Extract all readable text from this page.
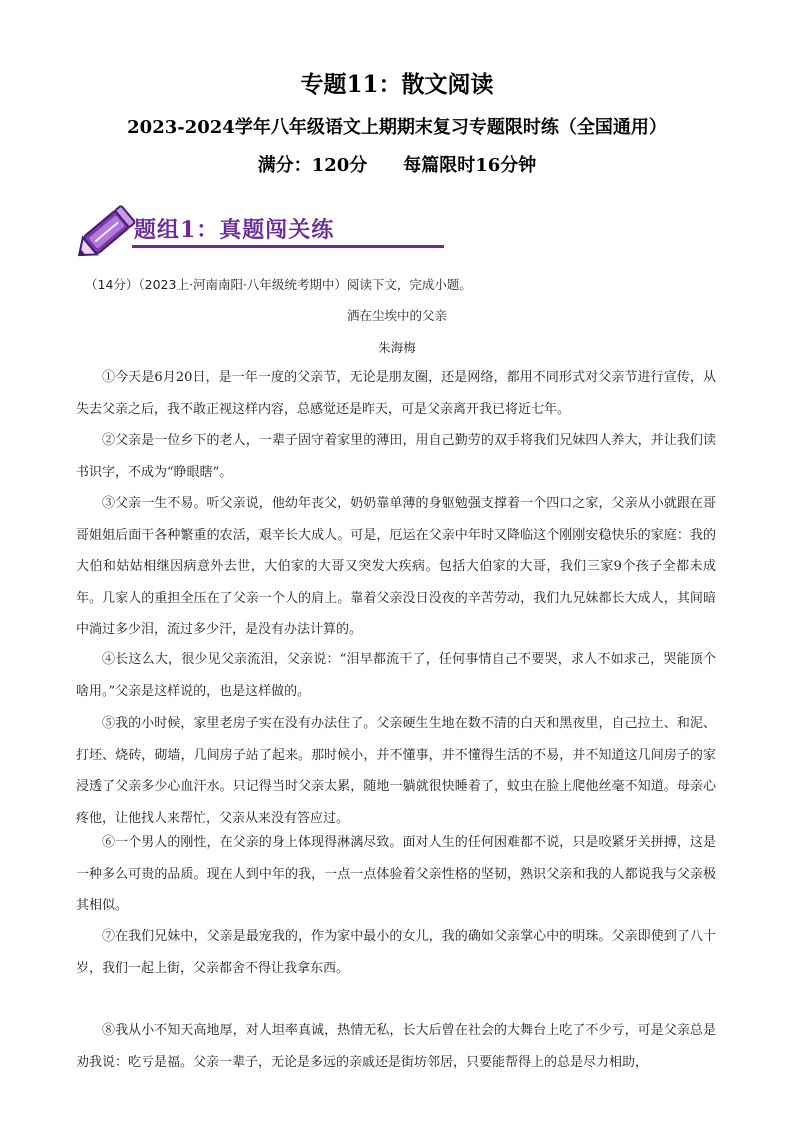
专题11：散文阅读
2023-2024学年八年级语文上期期末复习专题限时练（全国通用）
满分：120分　　每篇限时16分钟
题组1：真题闯关练
（14分）（2023上·河南南阳·八年级统考期中）阅读下文，完成小题。
洒在尘埃中的父亲
朱海梅

①今天是6月20日，是一年一度的父亲节，无论是朋友圈，还是网络，都用不同形式对父亲节进行宣传，从失去父亲之后，我不敢正视这样内容，总感觉还是昨天，可是父亲离开我已将近七年。

②父亲是一位乡下的老人，一辈子固守着家里的薄田，用自己勤劳的双手将我们兄妹四人养大，并让我们读书识字，不成为“睁眼瞎”。

③父亲一生不易。听父亲说，他幼年丧父，奶奶靠单薄的身躯勉强支撑着一个四口之家，父亲从小就跟在哥哥姐姐后面干各种繁重的农活，艰辛长大成人。可是，厄运在父亲中年时又降临这个刚刚安稳快乐的家庭：我的大伯和姑姑相继因病意外去世，大伯家的大哥又突发大疾病。包括大伯家的大哥，我们三家9个孩子全都未成年。几家人的重担全压在了父亲一个人的肩上。靠着父亲没日没夜的辛苦劳动，我们九兄妹都长大成人，其间暗中淌过多少泪，流过多少汗，是没有办法计算的。

④长这么大，很少见父亲流泪，父亲说：“泪早都流干了，任何事情自己不要哭，求人不如求己，哭能顶个啥用。”父亲是这样说的，也是这样做的。

⑤我的小时候，家里老房子实在没有办法住了。父亲硬生生地在数不清的白天和黑夜里，自己拉土、和泥、打坯、烧砖，砌墙，几间房子站了起来。那时候小，并不懂事，并不懂得生活的不易，并不知道这几间房子的家浸透了父亲多少心血汗水。只记得当时父亲太累，随地一躺就很快睡着了，蚊虫在脸上爬他丝毫不知道。母亲心疼他，让他找人来帮忙，父亲从来没有答应过。

⑥一个男人的刚性，在父亲的身上体现得淋漓尽致。面对人生的任何困难都不说，只是咬紧牙关拼搏，这是一种多么可贵的品质。现在人到中年的我，一点一点体验着父亲性格的坚韧，熟识父亲和我的人都说我与父亲极其相似。

⑦在我们兄妹中，父亲是最宠我的，作为家中最小的女儿，我的确如父亲掌心中的明珠。父亲即使到了八十岁，我们一起上街，父亲都舍不得让我拿东西。

⑧我从小不知天高地厚，对人坦率真诚，热情无私，长大后曾在社会的大舞台上吃了不少亏，可是父亲总是劝我说：吃亏是福。父亲一辈子，无论是多远的亲戚还是街坊邻居，只要能帮得上的总是尽力相助，
